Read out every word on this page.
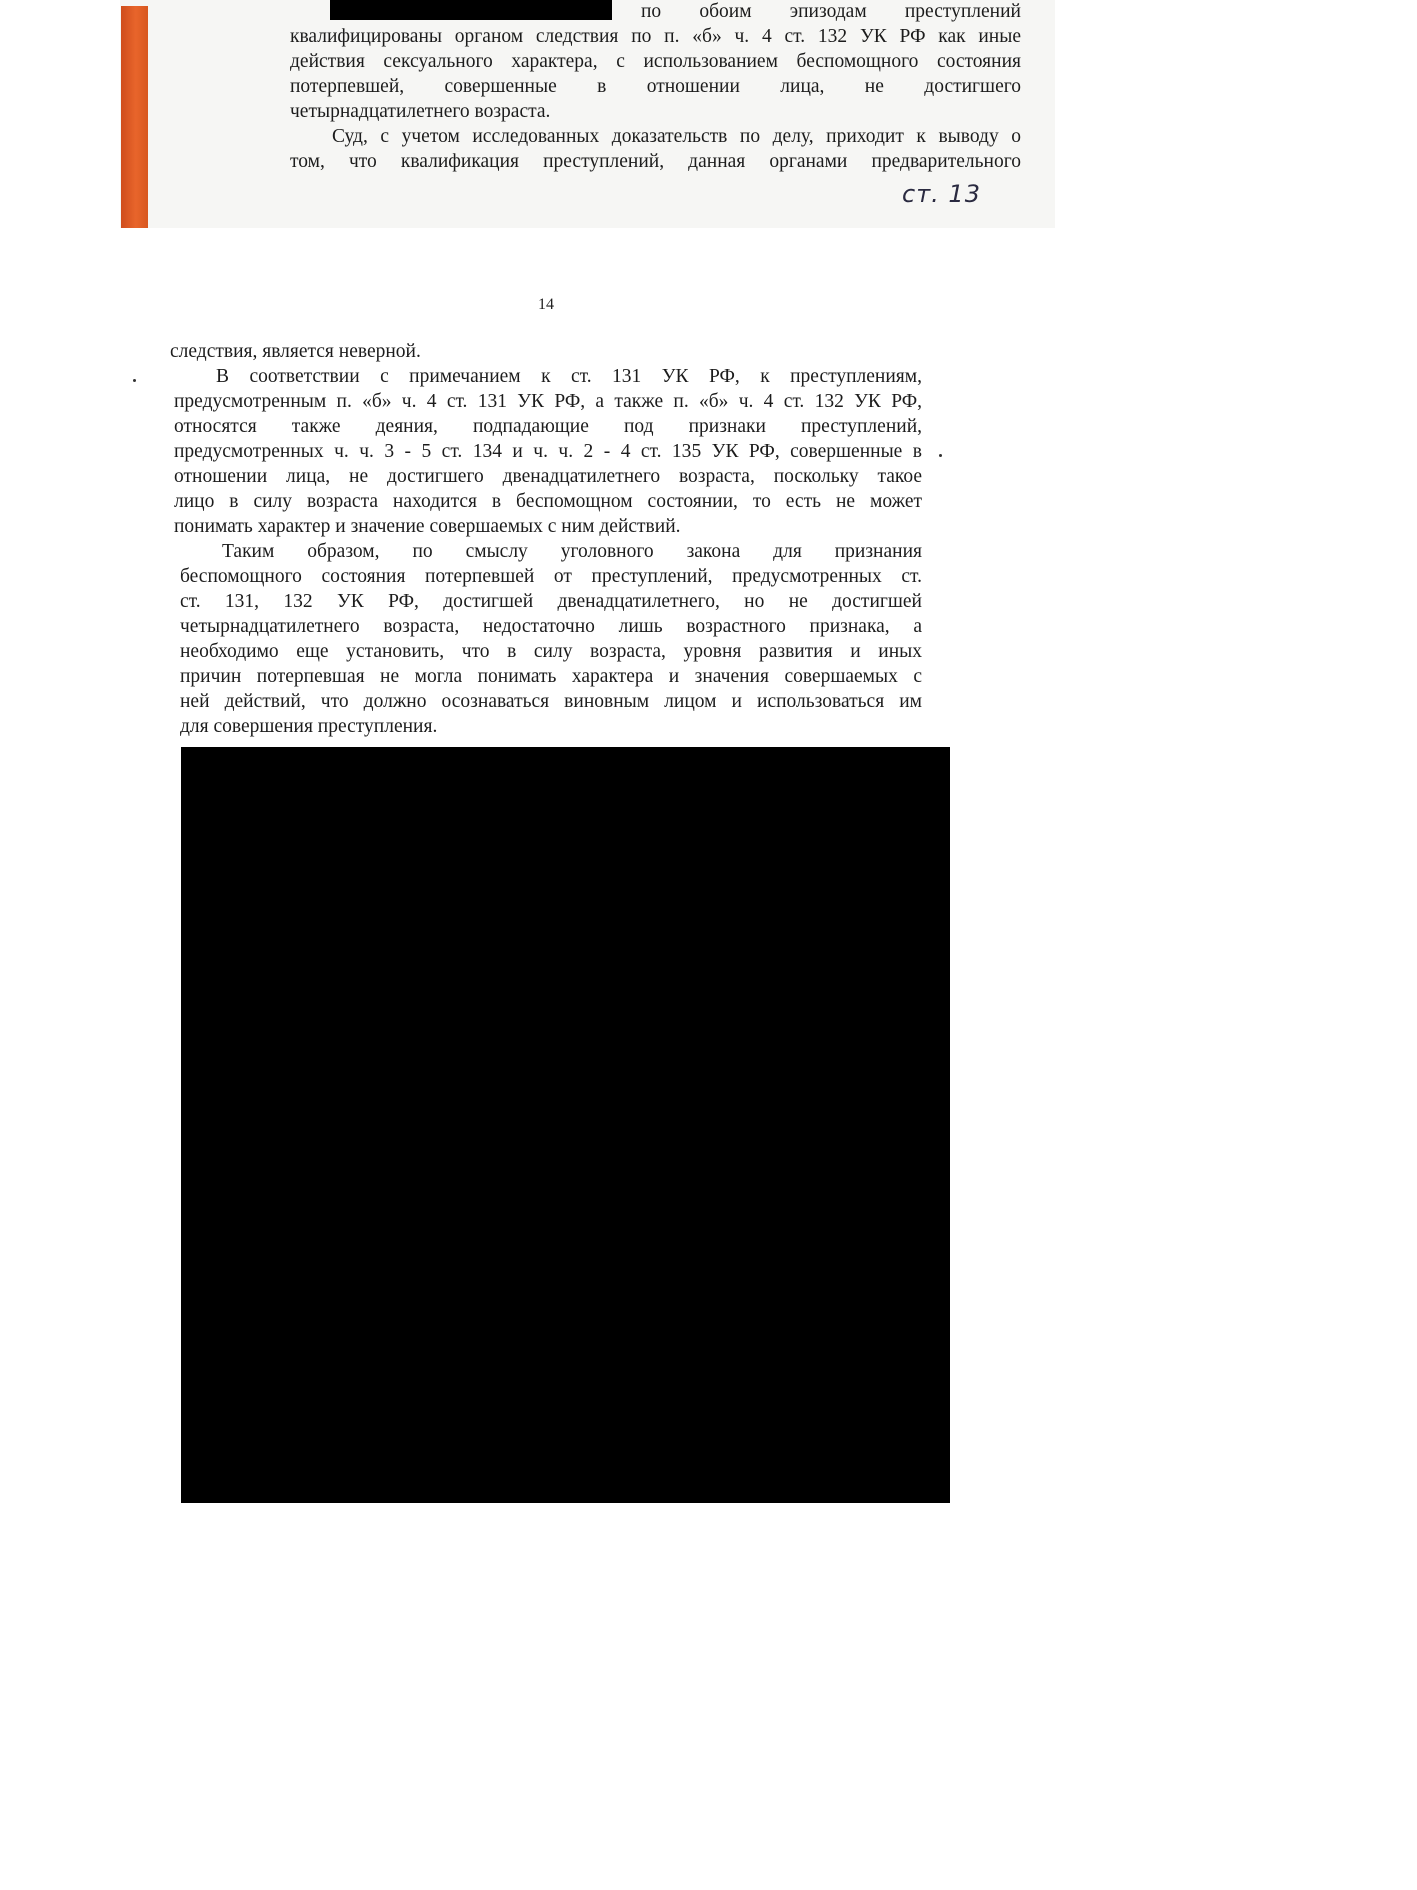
по обоим эпизодам преступлений
квалифицированы органом следствия по п. «б» ч. 4 ст. 132 УК РФ как иные
действия сексуального характера, с использованием беспомощного состояния
потерпевшей, совершенные в отношении лица, не достигшего
четырнадцатилетнего возраста.
Суд, с учетом исследованных доказательств по делу, приходит к выводу о
том, что квалификация преступлений, данная органами предварительного
ст. 13
14
следствия, является неверной.
В соответствии с примечанием к ст. 131 УК РФ, к преступлениям,
предусмотренным п. «б» ч. 4 ст. 131 УК РФ, а также п. «б» ч. 4 ст. 132 УК РФ,
относятся также деяния, подпадающие под признаки преступлений,
предусмотренных ч. ч. 3 - 5 ст. 134 и ч. ч. 2 - 4 ст. 135 УК РФ, совершенные в
отношении лица, не достигшего двенадцатилетнего возраста, поскольку такое
лицо в силу возраста находится в беспомощном состоянии, то есть не может
понимать характер и значение совершаемых с ним действий.
Таким образом, по смыслу уголовного закона для признания
беспомощного состояния потерпевшей от преступлений, предусмотренных ст.
ст. 131, 132 УК РФ, достигшей двенадцатилетнего, но не достигшей
четырнадцатилетнего возраста, недостаточно лишь возрастного признака, а
необходимо еще установить, что в силу возраста, уровня развития и иных
причин потерпевшая не могла понимать характера и значения совершаемых с
ней действий, что должно осознаваться виновным лицом и использоваться им
для совершения преступления.
